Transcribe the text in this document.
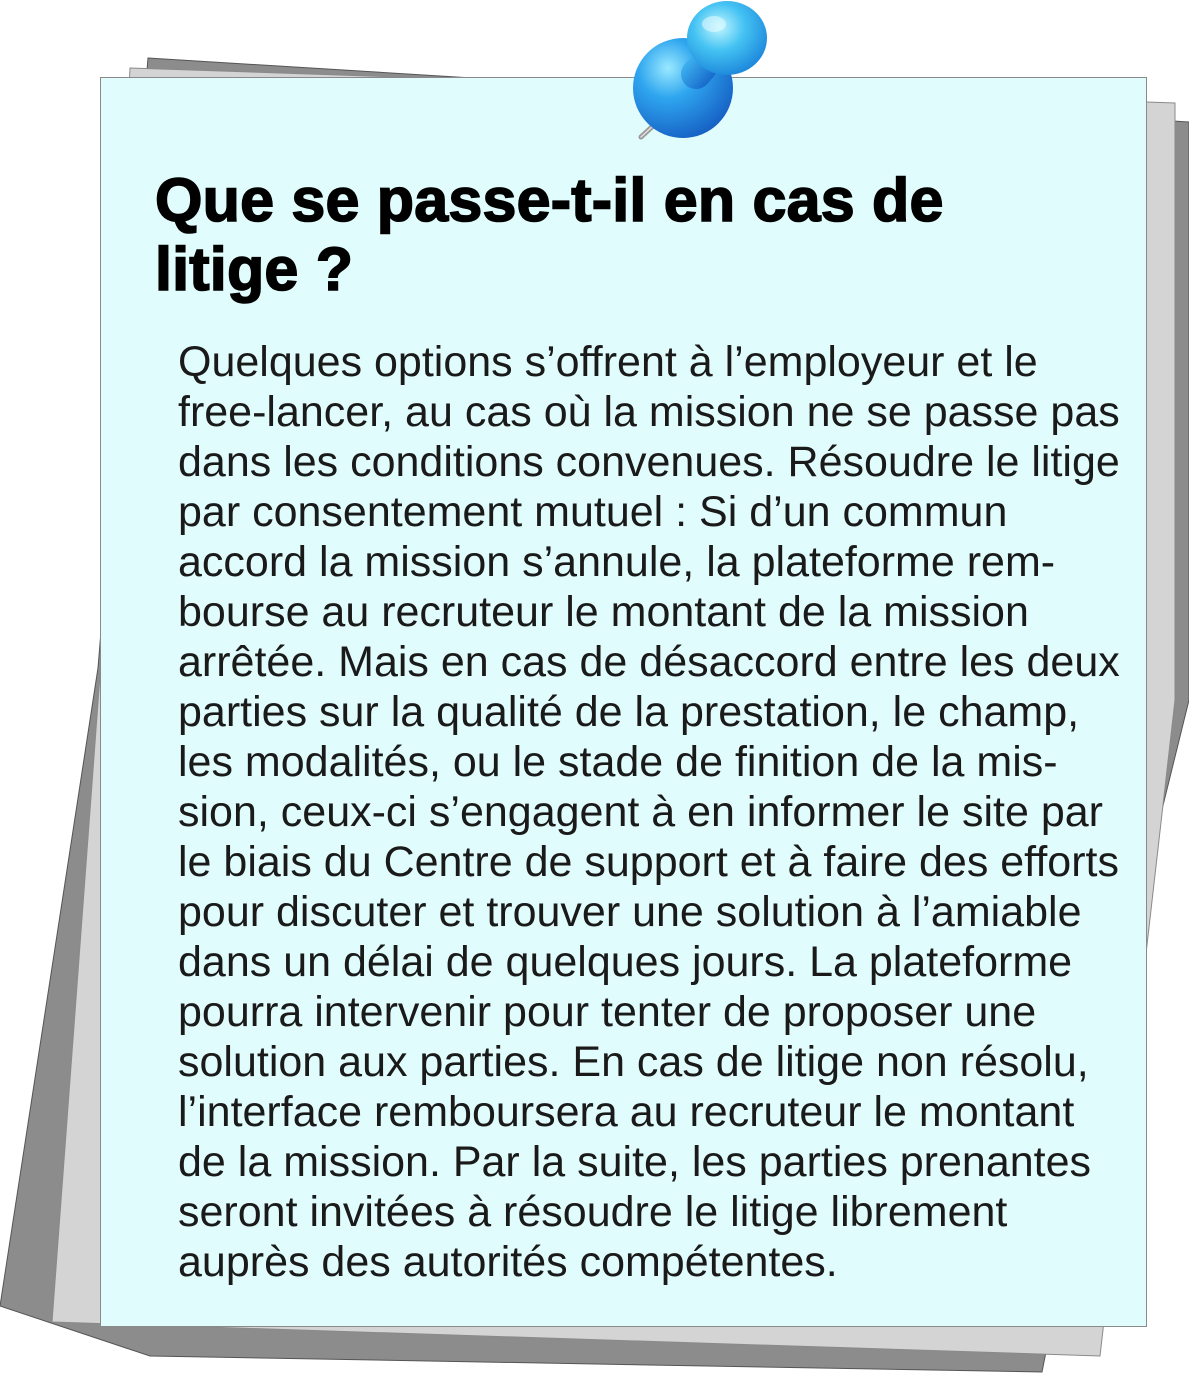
Que se passe-t-il en cas de
litige ?
Quelques options s’offrent à l’employeur et le
free-lancer, au cas où la mission ne se passe pas
dans les conditions convenues. Résoudre le litige
par consentement mutuel : Si d’un commun
accord la mission s’annule, la plateforme rem-
bourse au recruteur le montant de la mission
arrêtée. Mais en cas de désaccord entre les deux
parties sur la qualité de la prestation, le champ,
les modalités, ou le stade de finition de la mis-
sion, ceux-ci s’engagent à en informer le site par
le biais du Centre de support et à faire des efforts
pour discuter et trouver une solution à l’amiable
dans un délai de quelques jours. La plateforme
pourra intervenir pour tenter de proposer une
solution aux parties. En cas de litige non résolu,
l’interface remboursera au recruteur le montant
de la mission. Par la suite, les parties prenantes
seront invitées à résoudre le litige librement
auprès des autorités compétentes.
